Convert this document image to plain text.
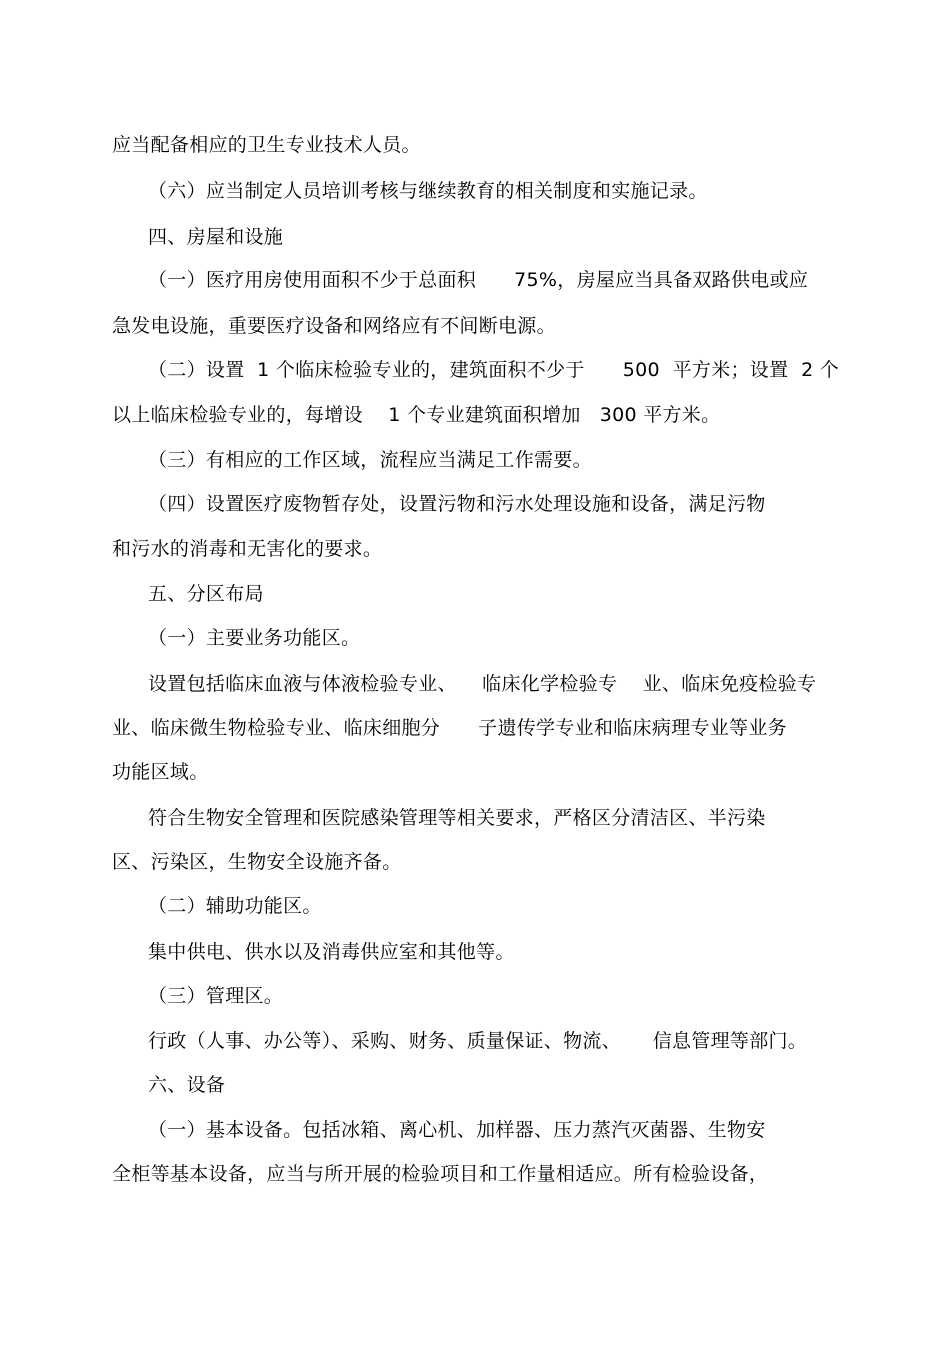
应当配备相应的卫生专业技术人员。
（六）应当制定人员培训考核与继续教育的相关制度和实施记录。
四、房屋和设施
（一）医疗用房使用面积不少于总面积      75%，房屋应当具备双路供电或应
急发电设施，重要医疗设备和网络应有不间断电源。
（二）设置  1 个临床检验专业的，建筑面积不少于      500  平方米；设置  2 个
以上临床检验专业的，每增设    1 个专业建筑面积增加   300 平方米。
（三）有相应的工作区域，流程应当满足工作需要。
（四）设置医疗废物暂存处，设置污物和污水处理设施和设备，满足污物
和污水的消毒和无害化的要求。
五、分区布局
（一）主要业务功能区。
设置包括临床血液与体液检验专业、    临床化学检验专    业、临床免疫检验专
业、临床微生物检验专业、临床细胞分      子遗传学专业和临床病理专业等业务
功能区域。
符合生物安全管理和医院感染管理等相关要求，严格区分清洁区、半污染
区、污染区，生物安全设施齐备。
（二）辅助功能区。
集中供电、供水以及消毒供应室和其他等。
（三）管理区。
行政（人事、办公等）、采购、财务、质量保证、物流、     信息管理等部门。
六、设备
（一）基本设备。包括冰箱、离心机、加样器、压力蒸汽灭菌器、生物安
全柜等基本设备，应当与所开展的检验项目和工作量相适应。所有检验设备，
